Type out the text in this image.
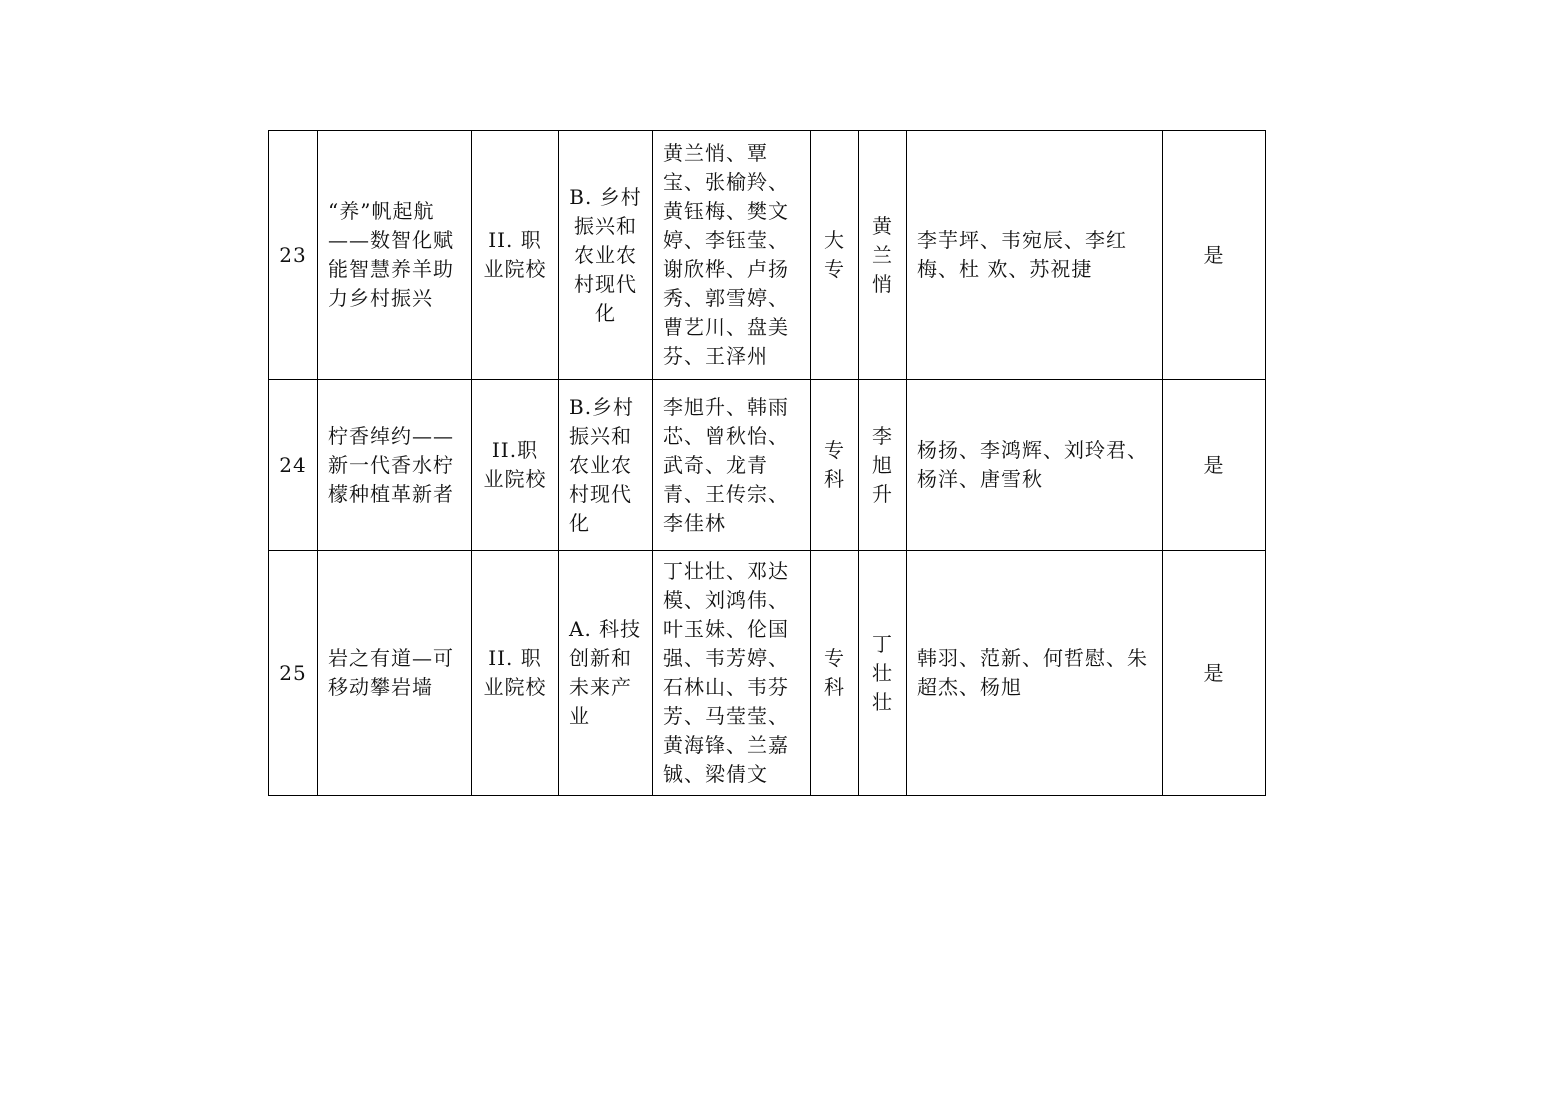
23	“养”帆起航——数智化赋能智慧养羊助力乡村振兴	II. 职业院校	B. 乡村振兴和农业农村现代化	黄兰悄、覃宝、张榆羚、黄钰梅、樊文婷、李钰莹、谢欣桦、卢扬秀、郭雪婷、曹艺川、盘美芬、王泽州	大专	黄兰悄	李芋坪、韦宛辰、李红梅、杜 欢、苏祝捷	是
24	柠香绰约——新一代香水柠檬种植革新者	II.职业院校	B.乡村振兴和农业农村现代化	李旭升、韩雨芯、曾秋怡、武奇、龙青青、王传宗、李佳林	专科	李旭升	杨扬、李鸿辉、刘玲君、杨洋、唐雪秋	是
25	岩之有道—可移动攀岩墙	II. 职业院校	A. 科技创新和未来产业	丁壮壮、邓达模、刘鸿伟、叶玉妹、伦国强、韦芳婷、石林山、韦芬芳、马莹莹、黄海锋、兰嘉铖、梁倩文	专科	丁壮壮	韩羽、范新、何哲慰、朱超杰、杨旭	是
